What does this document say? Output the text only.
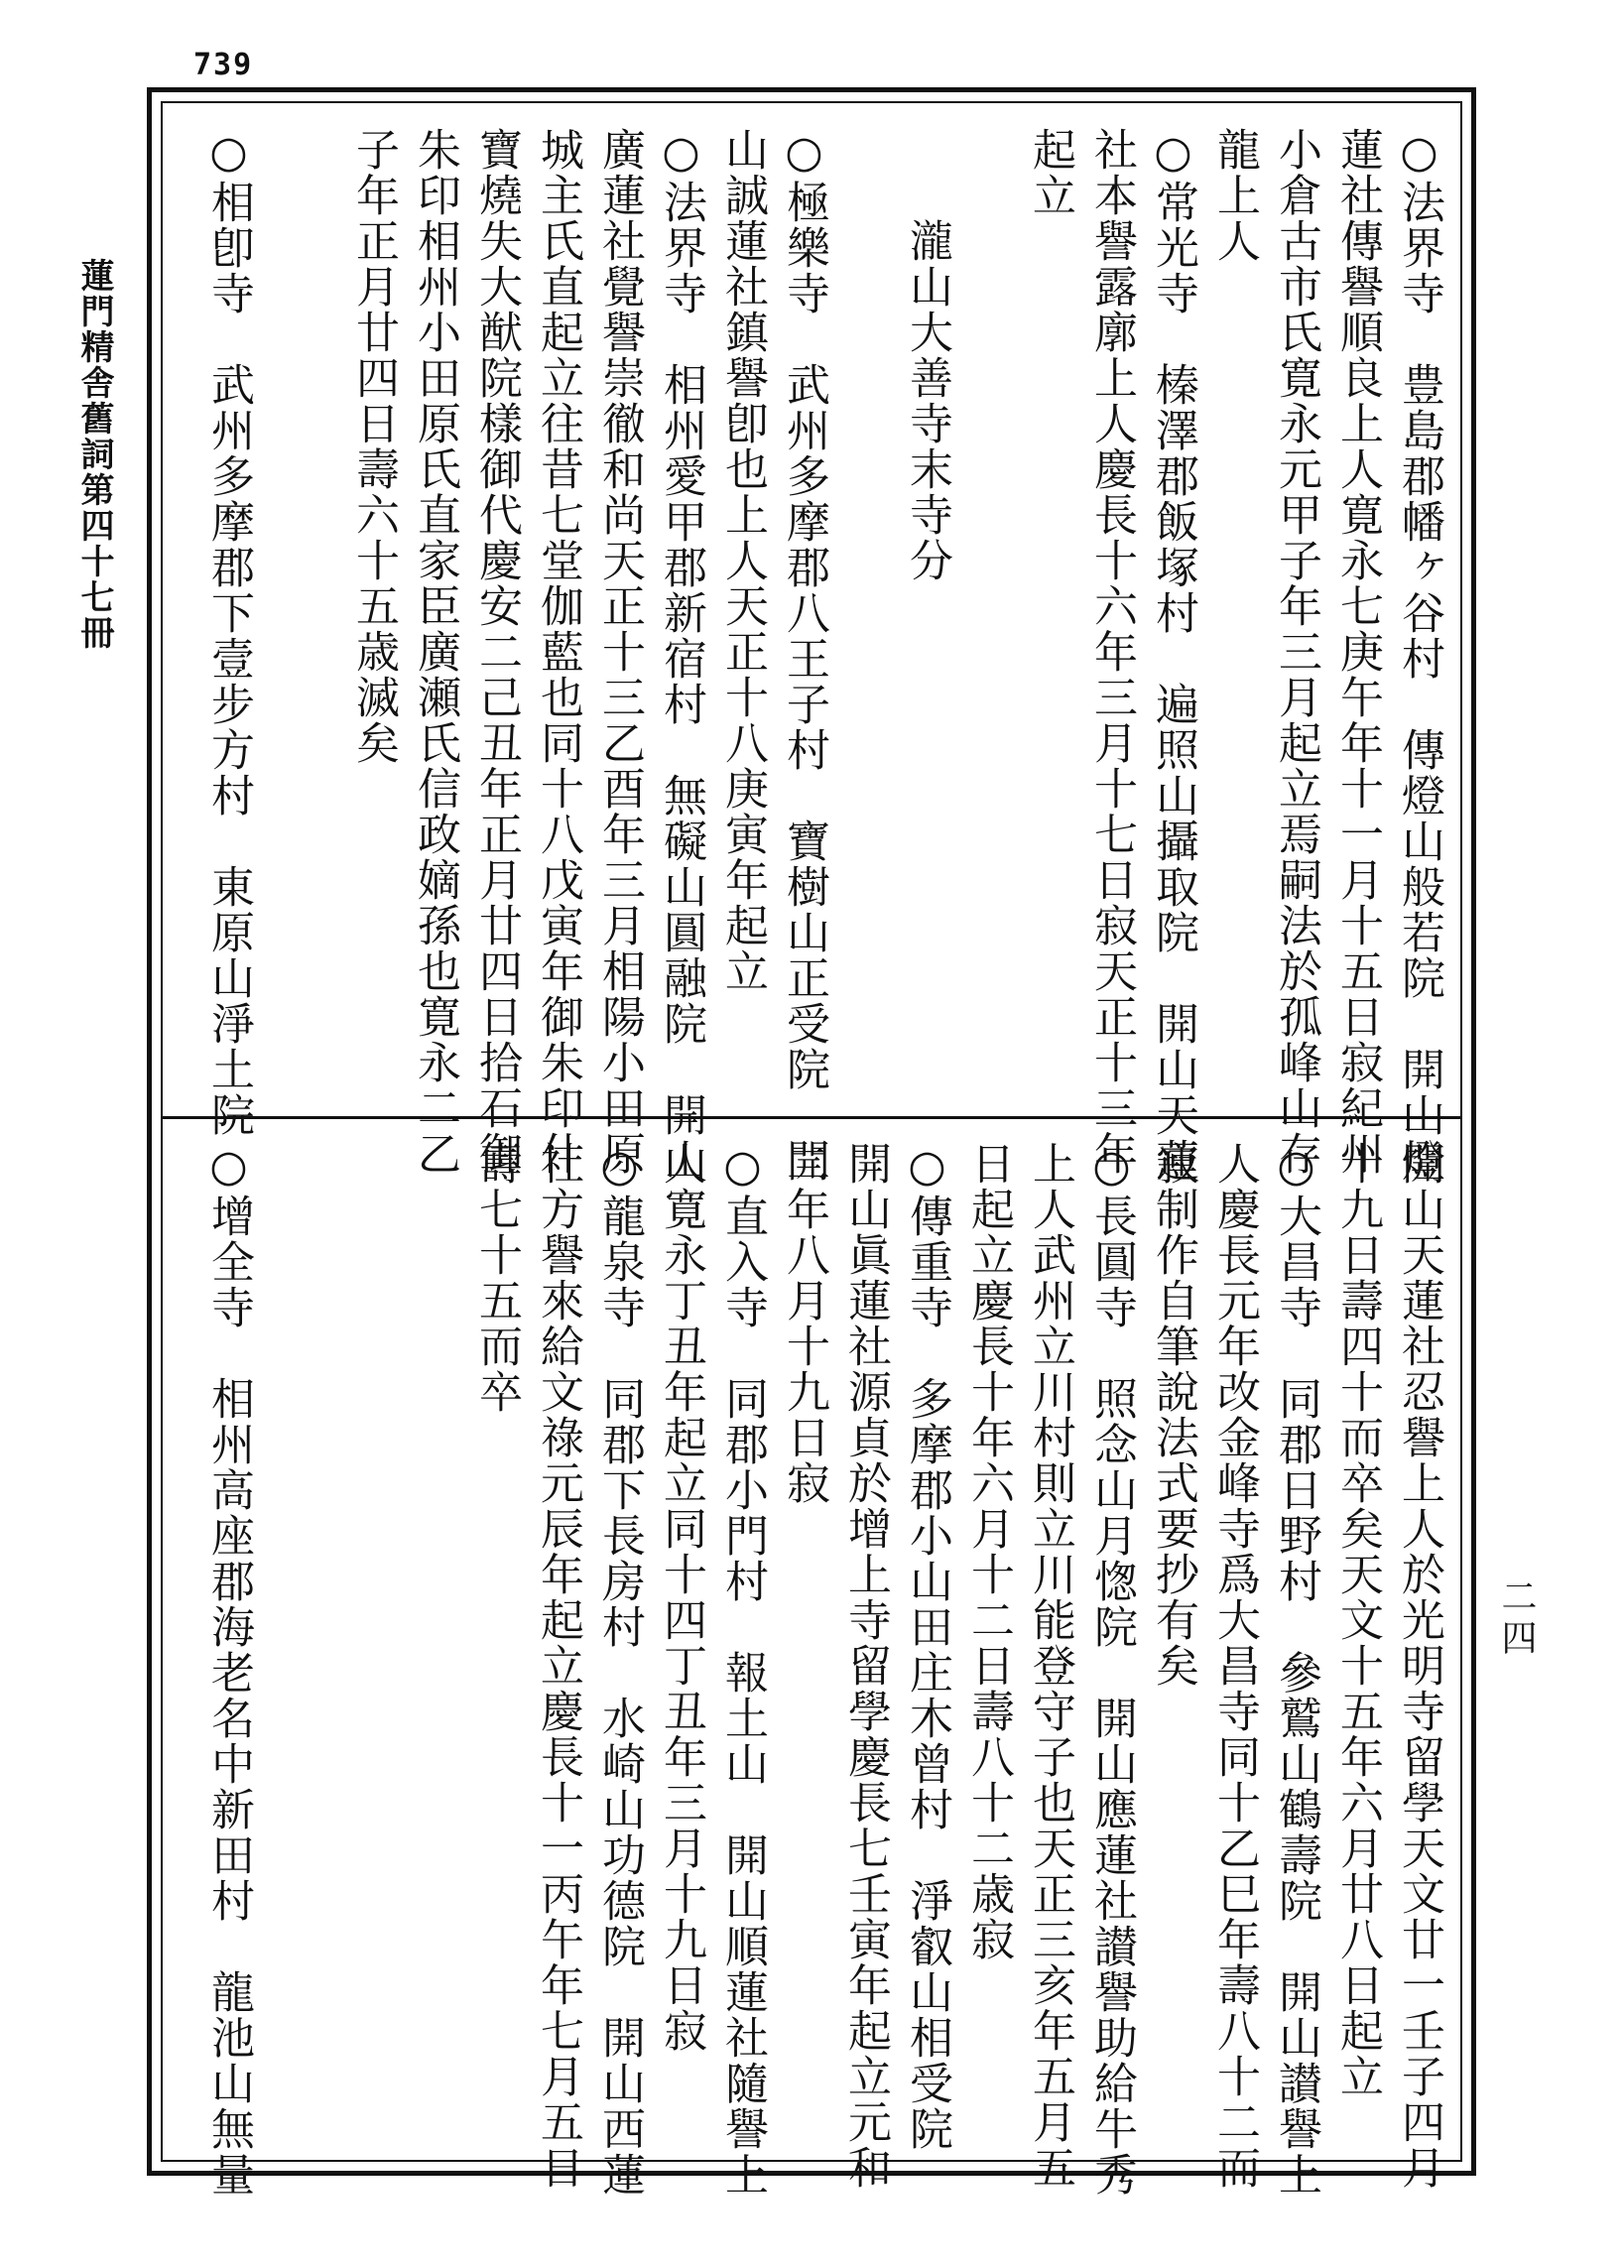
739
蓮門精舎舊詞第四十七冊
二四
○法界寺　豊島郡幡ヶ谷村　傳燈山般若院　開山燈
蓮社傳譽順良上人寛永七庚午年十一月十五日寂紀州
小倉古市氏寛永元甲子年三月起立焉嗣法於孤峰山存
龍上人
○常光寺　榛澤郡飯塚村　遍照山攝取院　開山天蓮
社本譽露廓上人慶長十六年三月十七日寂天正十三年
起立
瀧山大善寺末寺分
○極樂寺　武州多摩郡八王子村　寶樹山正受院　開
山誠蓮社鎮譽卽也上人天正十八庚寅年起立
○法界寺　相州愛甲郡新宿村　無礙山圓融院　開山
廣蓮社覺譽崇徹和尚天正十三乙酉年三月相陽小田原
城主氏直起立往昔七堂伽藍也同十八戊寅年御朱印什
寶燒失大猷院樣御代慶安二己丑年正月廿四日拾石御
朱印相州小田原氏直家臣廣瀬氏信政嫡孫也寛永二乙
子年正月廿四日壽六十五歳滅矣
○相卽寺　武州多摩郡下壹步方村　東原山淨土院
開山天蓮社忍譽上人於光明寺留學天文廿一壬子四月
十九日壽四十而卒矣天文十五年六月廿八日起立
○大昌寺　同郡日野村　參鷲山鶴壽院　開山讃譽上
人慶長元年改金峰寺爲大昌寺同十乙巳年壽八十二而
寂制作自筆說法式要抄有矣
○長圓寺　照念山月愡院　開山應蓮社讃譽助給牛秀
上人武州立川村則立川能登守子也天正三亥年五月五
日起立慶長十年六月十二日壽八十二歳寂
○傳重寺　多摩郡小山田庄木曾村　淨叡山相受院
開山眞蓮社源貞於增上寺留學慶長七壬寅年起立元和
二年八月十九日寂
○直入寺　同郡小門村　報土山　開山順蓮社隨譽上
人寛永丁丑年起立同十四丁丑年三月十九日寂
○龍泉寺　同郡下長房村　水崎山功德院　開山西蓮
社方譽來給文祿元辰年起立慶長十一丙午年七月五日
壽七十五而卒
○增全寺　相州高座郡海老名中新田村　龍池山無量
